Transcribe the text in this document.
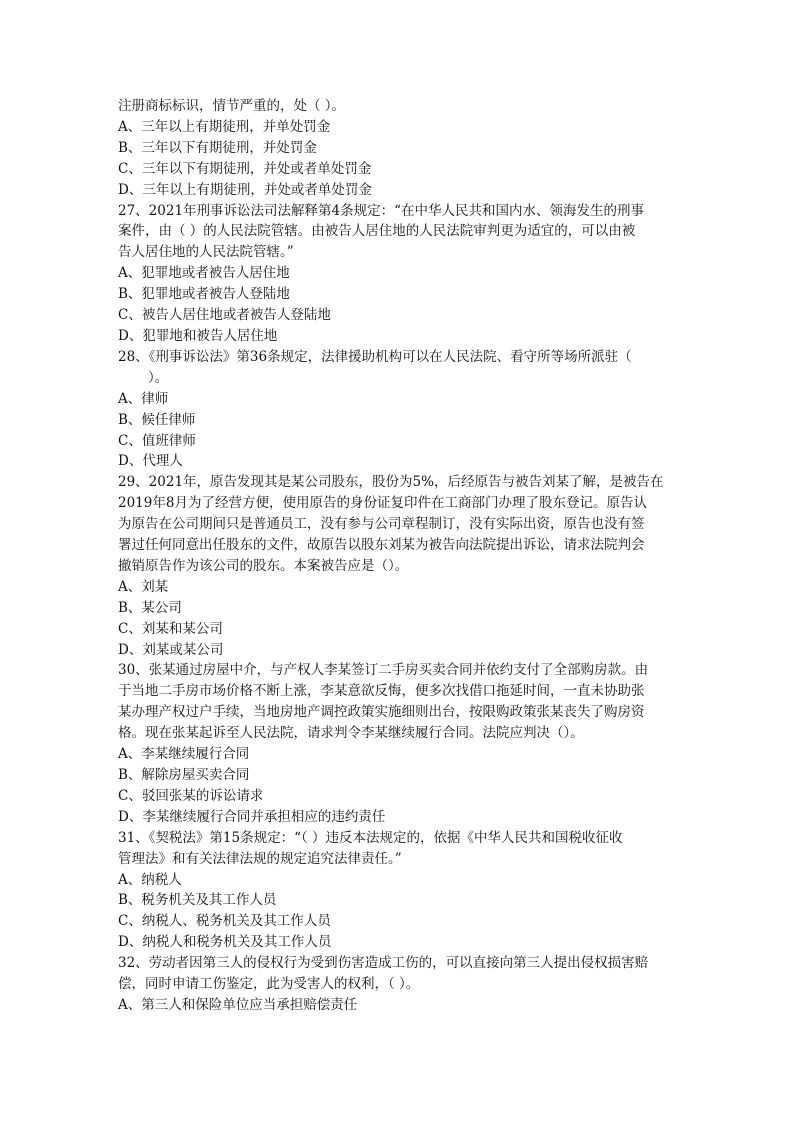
注册商标标识，情节严重的，处（ ）。
A、三年以上有期徒刑，并单处罚金
B、三年以下有期徒刑，并处罚金
C、三年以下有期徒刑，并处或者单处罚金
D、三年以上有期徒刑，并处或者单处罚金
27、2021年刑事诉讼法司法解释第4条规定：“在中华人民共和国内水、领海发生的刑事
案件，由（ ）的人民法院管辖。由被告人居住地的人民法院审判更为适宜的，可以由被
告人居住地的人民法院管辖。”
A、犯罪地或者被告人居住地
B、犯罪地或者被告人登陆地
C、被告人居住地或者被告人登陆地
D、犯罪地和被告人居住地
28、《刑事诉讼法》第36条规定，法律援助机构可以在人民法院、看守所等场所派驻（
）。
A、律师
B、候任律师
C、值班律师
D、代理人
29、2021年，原告发现其是某公司股东，股份为5%，后经原告与被告刘某了解，是被告在
2019年8月为了经营方便，使用原告的身份证复印件在工商部门办理了股东登记。原告认
为原告在公司期间只是普通员工，没有参与公司章程制订，没有实际出资，原告也没有签
署过任何同意出任股东的文件，故原告以股东刘某为被告向法院提出诉讼，请求法院判会
撤销原告作为该公司的股东。本案被告应是（）。
A、刘某
B、某公司
C、刘某和某公司
D、刘某或某公司
30、张某通过房屋中介，与产权人李某签订二手房买卖合同并依约支付了全部购房款。由
于当地二手房市场价格不断上涨，李某意欲反悔，便多次找借口拖延时间，一直未协助张
某办理产权过户手续，当地房地产调控政策实施细则出台，按限购政策张某丧失了购房资
格。现在张某起诉至人民法院，请求判令李某继续履行合同。法院应判决（）。
A、李某继续履行合同
B、解除房屋买卖合同
C、驳回张某的诉讼请求
D、李某继续履行合同并承担相应的违约责任
31、《契税法》第15条规定：“（ ）违反本法规定的，依据《中华人民共和国税收征收
管理法》和有关法律法规的规定追究法律责任。”
A、纳税人
B、税务机关及其工作人员
C、纳税人、税务机关及其工作人员
D、纳税人和税务机关及其工作人员
32、劳动者因第三人的侵权行为受到伤害造成工伤的，可以直接向第三人提出侵权损害赔
偿，同时申请工伤鉴定，此为受害人的权利，（ ）。
A、第三人和保险单位应当承担赔偿责任
